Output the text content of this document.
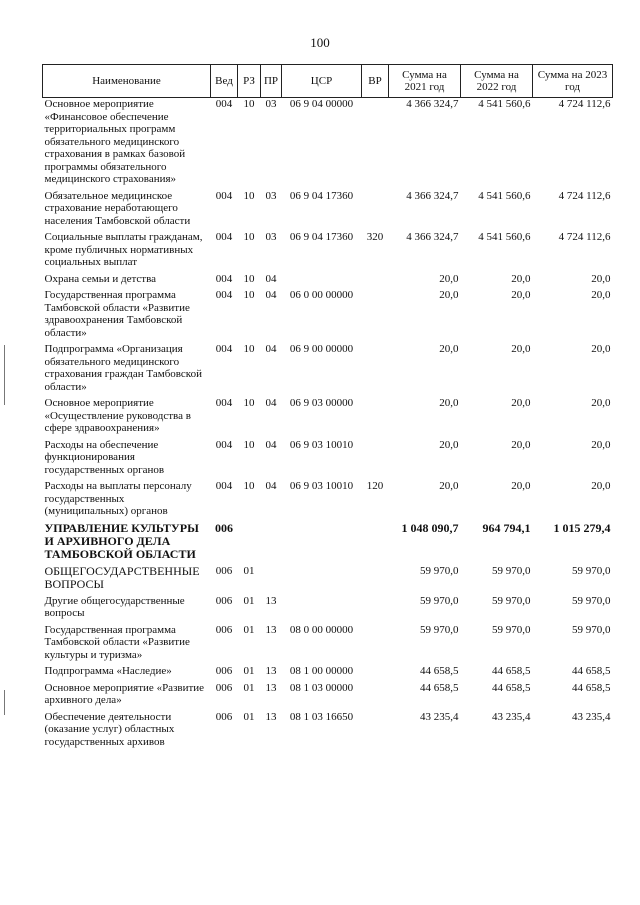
100
Наименование	Вед	РЗ	ПР	ЦСР	ВР	Сумма на 2021 год	Сумма на 2022 год	Сумма на 2023 год
Основное мероприятие «Финансовое обеспечение территориальных программ обязательного медицинского страхования в рамках базовой программы обязательного медицинского страхования»	004	10	03	06 9 04 00000		4 366 324,7	4 541 560,6	4 724 112,6
Обязательное медицинское страхование неработающего населения Тамбовской области	004	10	03	06 9 04 17360		4 366 324,7	4 541 560,6	4 724 112,6
Социальные выплаты гражданам, кроме публичных нормативных социальных выплат	004	10	03	06 9 04 17360	320	4 366 324,7	4 541 560,6	4 724 112,6
Охрана семьи и детства	004	10	04			20,0	20,0	20,0
Государственная программа Тамбовской области «Развитие здравоохранения Тамбовской области»	004	10	04	06 0 00 00000		20,0	20,0	20,0
Подпрограмма «Организация обязательного медицинского страхования граждан Тамбовской области»	004	10	04	06 9 00 00000		20,0	20,0	20,0
Основное мероприятие «Осуществление руководства в сфере здравоохранения»	004	10	04	06 9 03 00000		20,0	20,0	20,0
Расходы на обеспечение функционирования государственных органов	004	10	04	06 9 03 10010		20,0	20,0	20,0
Расходы на выплаты персоналу государственных (муниципальных) органов	004	10	04	06 9 03 10010	120	20,0	20,0	20,0
УПРАВЛЕНИЕ КУЛЬТУРЫ И АРХИВНОГО ДЕЛА ТАМБОВСКОЙ ОБЛАСТИ	006					1 048 090,7	964 794,1	1 015 279,4
ОБЩЕГОСУДАРСТВЕННЫЕ ВОПРОСЫ	006	01				59 970,0	59 970,0	59 970,0
Другие общегосударственные вопросы	006	01	13			59 970,0	59 970,0	59 970,0
Государственная программа Тамбовской области «Развитие культуры и туризма»	006	01	13	08 0 00 00000		59 970,0	59 970,0	59 970,0
Подпрограмма «Наследие»	006	01	13	08 1 00 00000		44 658,5	44 658,5	44 658,5
Основное мероприятие «Развитие архивного дела»	006	01	13	08 1 03 00000		44 658,5	44 658,5	44 658,5
Обеспечение деятельности (оказание услуг) областных государственных архивов	006	01	13	08 1 03 16650		43 235,4	43 235,4	43 235,4
